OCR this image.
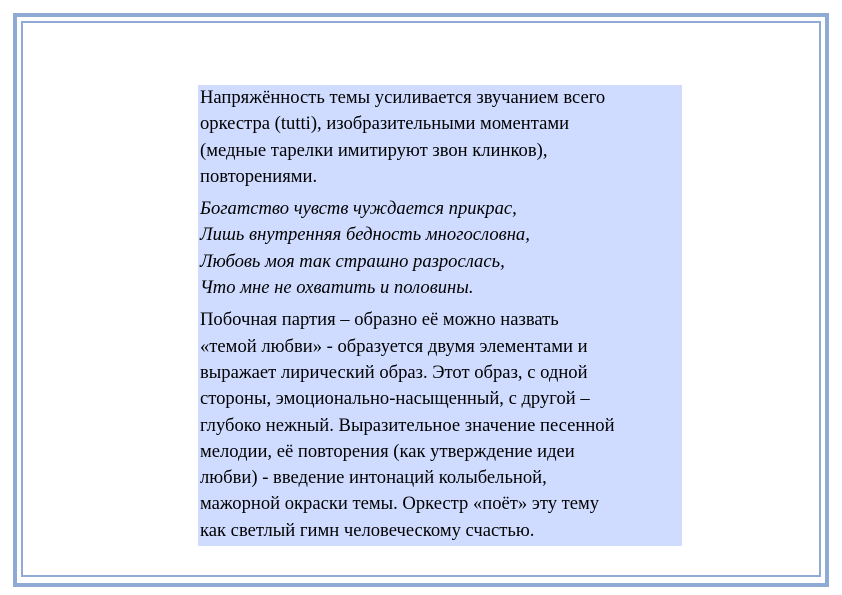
Напряжённость темы усиливается звучанием всего
оркестра (tutti), изобразительными моментами
(медные тарелки имитируют звон клинков),
повторениями.

Богатство чувств чуждается прикрас,
Лишь внутренняя бедность многословна,
Любовь моя так страшно разрослась,
Что мне не охватить и половины.

Побочная партия – образно её можно назвать
«темой любви» - образуется двумя элементами и
выражает лирический образ. Этот образ, с одной
стороны, эмоционально-насыщенный, с другой –
глубоко нежный. Выразительное значение песенной
мелодии, её повторения (как утверждение идеи
любви) - введение интонаций колыбельной,
мажорной окраски темы. Оркестр «поёт» эту тему
как светлый гимн человеческому счастью.
